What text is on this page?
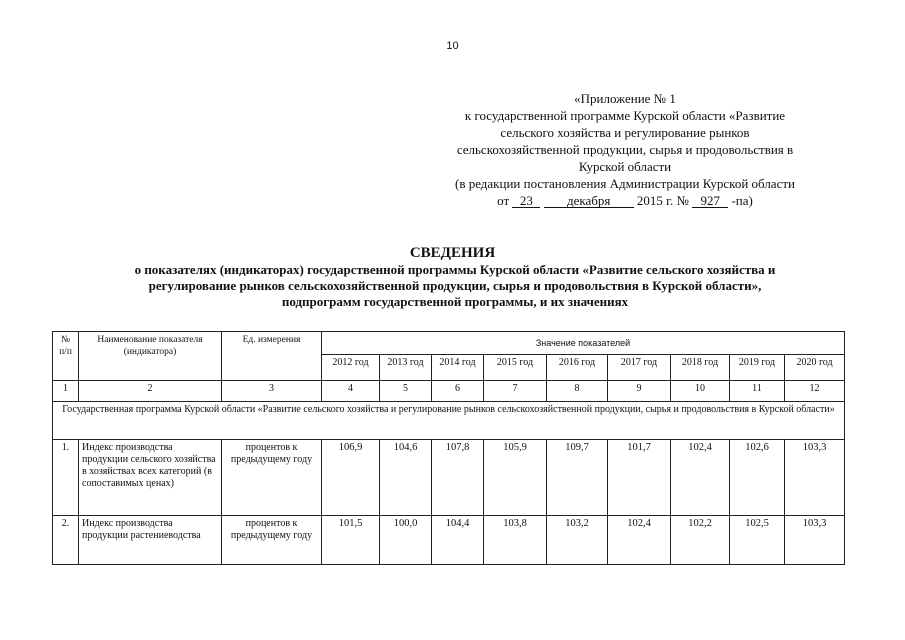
10
«Приложение № 1
к государственной программе Курской области «Развитие
сельского хозяйства и регулирование рынков
сельскохозяйственной продукции, сырья и продовольствия в
Курской области
(в редакции постановления Администрации Курской области
от 23	декабря 2015 г. № 927 -па)
СВЕДЕНИЯ
о показателях (индикаторах) государственной программы Курской области «Развитие сельского хозяйства и
регулирование рынков сельскохозяйственной продукции, сырья и продовольствия в Курской области»,
подпрограмм государственной программы, и их значениях
№ п/п	Наименование показателя (индикатора)	Ед. измерения	Значение показателей								
			2012 год	2013 год	2014 год	2015 год	2016 год	2017 год	2018 год	2019 год	2020 год
1	2	3	4	5	6	7	8	9	10	11	12
Государственная программа Курской области «Развитие сельского хозяйства и регулирование рынков сельскохозяйственной продукции, сырья и продовольствия в Курской области»											
1.	Индекс производства продукции сельского хозяйства в хозяйствах всех категорий (в сопоставимых ценах)	процентов к предыдущему году	106,9	104,6	107,8	105,9	109,7	101,7	102,4	102,6	103,3
2.	Индекс производства продукции растениеводства	процентов к предыдущему году	101,5	100,0	104,4	103,8	103,2	102,4	102,2	102,5	103,3
